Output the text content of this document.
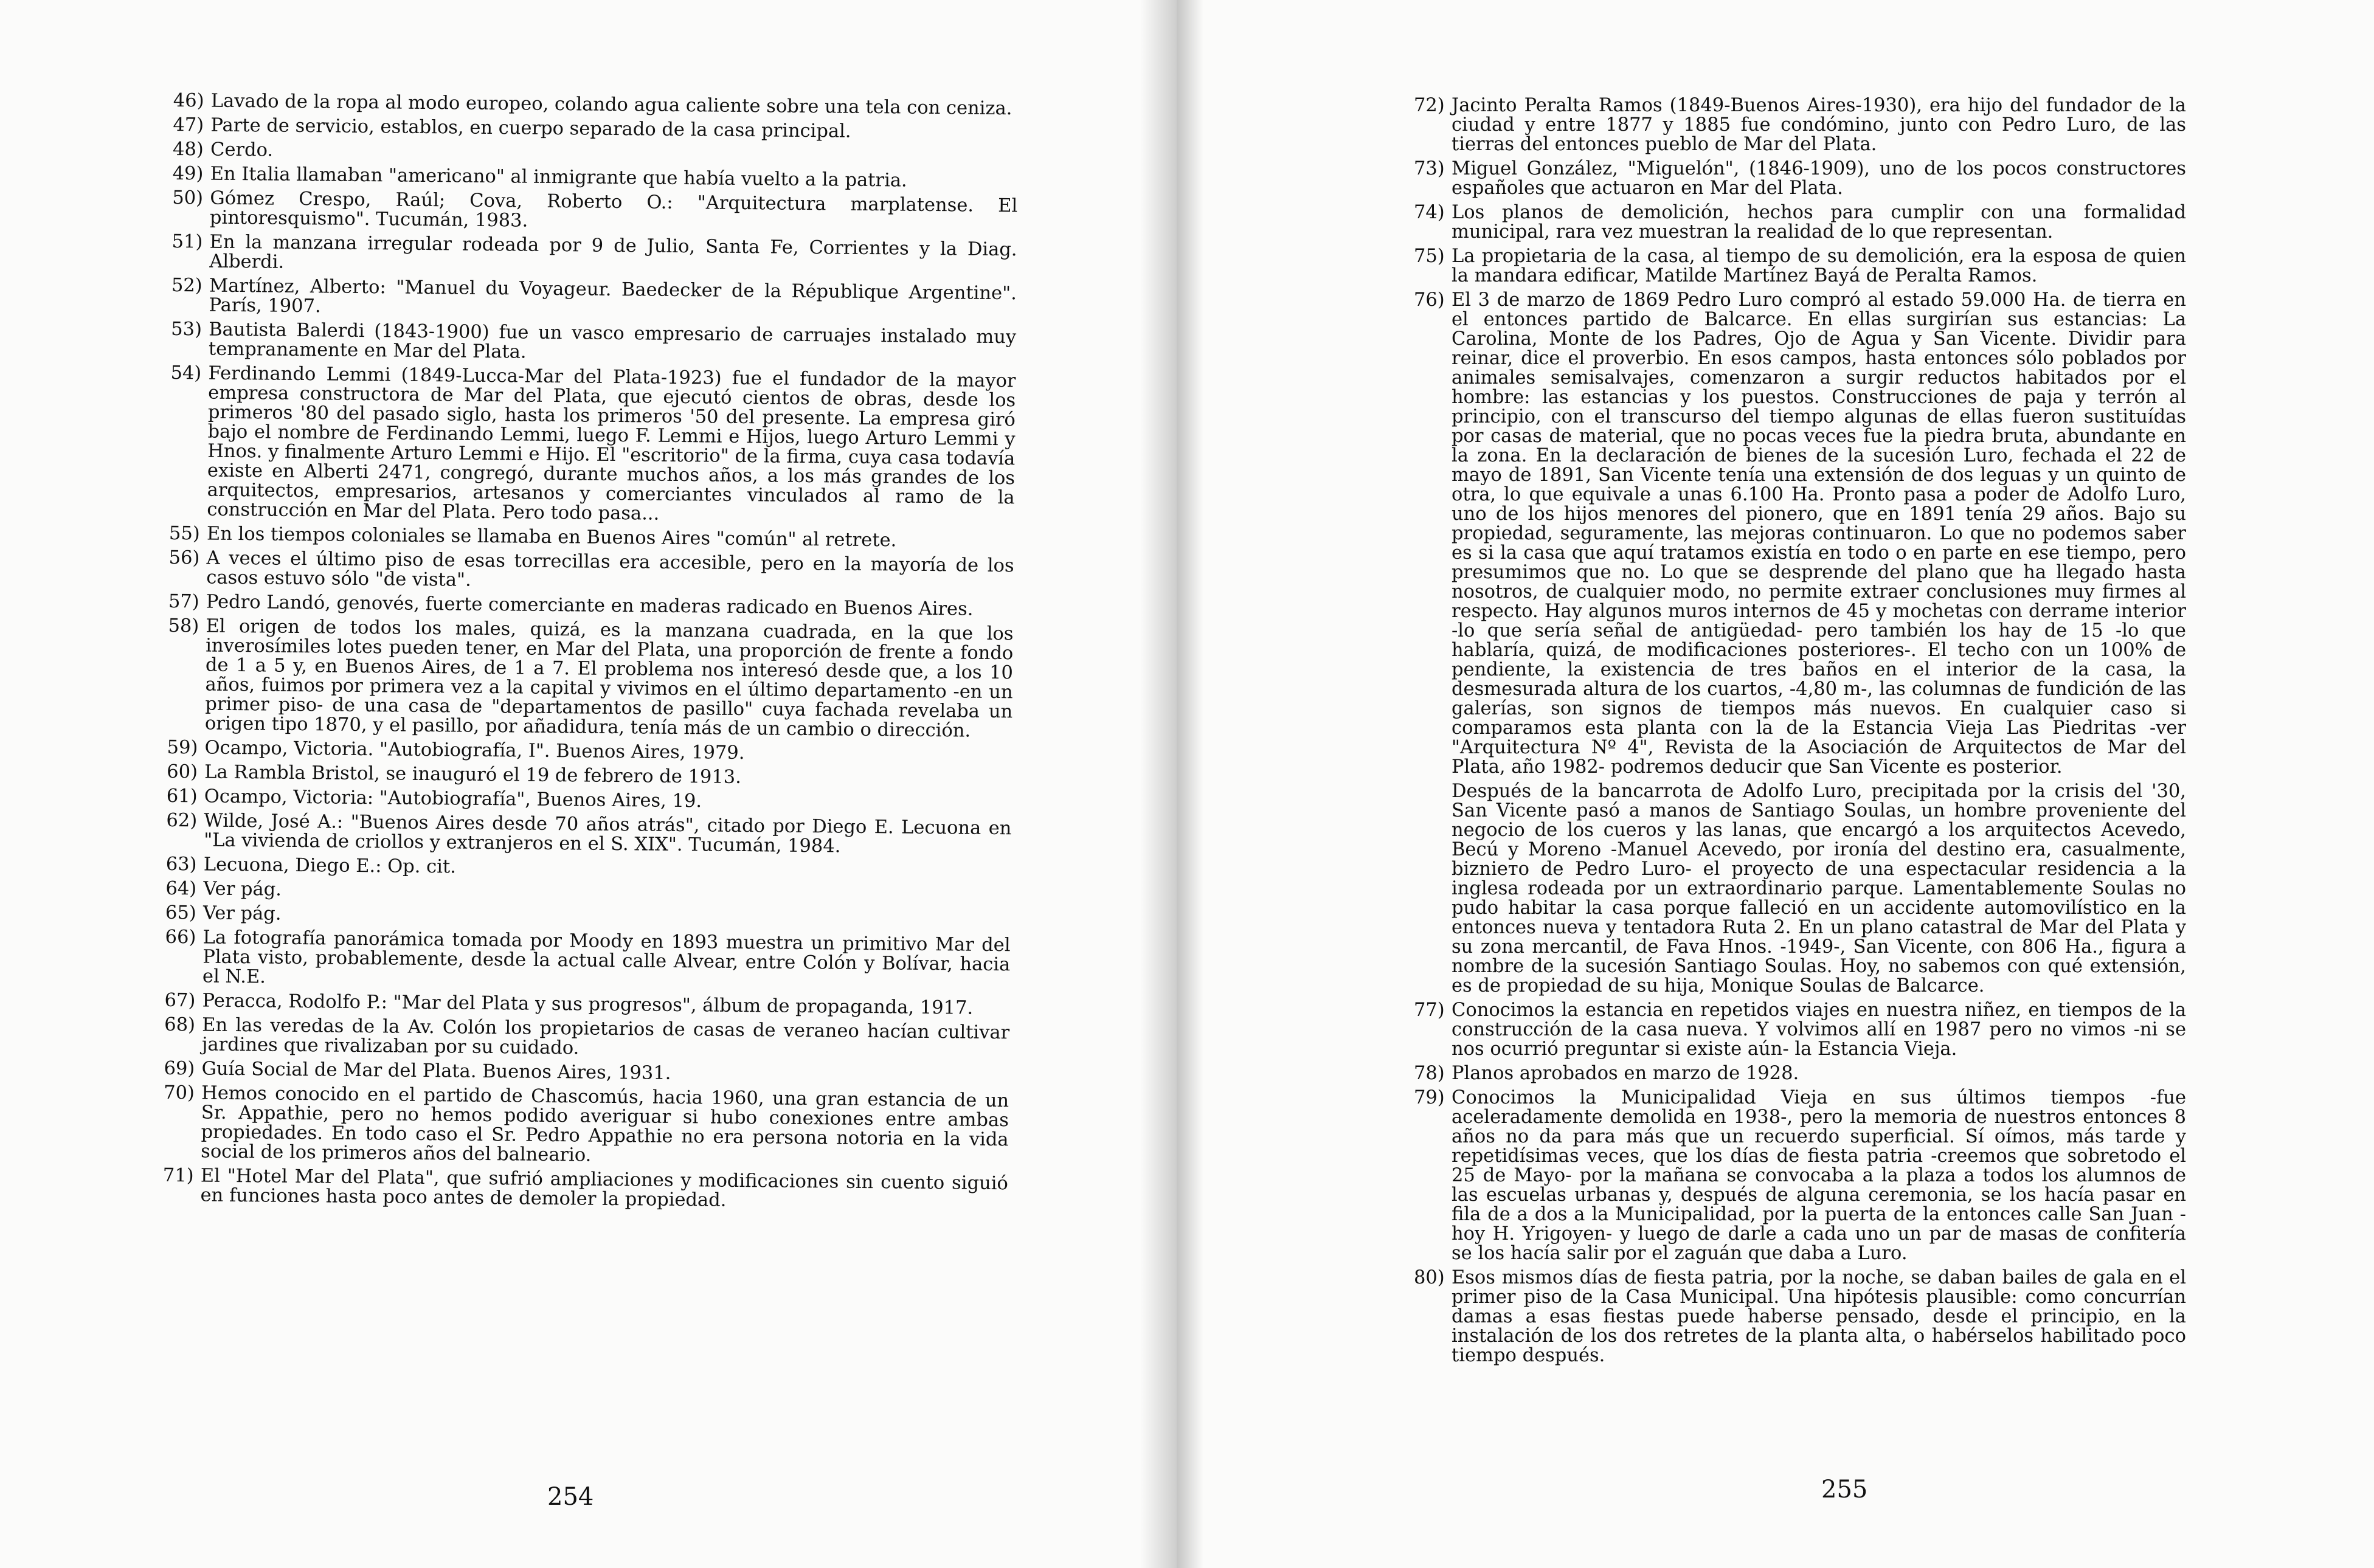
46) Lavado de la ropa al modo europeo, colando agua caliente sobre una tela con ceniza.
47) Parte de servicio, establos, en cuerpo separado de la casa principal.
48) Cerdo.
49) En Italia llamaban "americano" al inmigrante que había vuelto a la patria.
50) Gómez Crespo, Raúl; Cova, Roberto O.: "Arquitectura marplatense. El pintoresquismo". Tucumán, 1983.
51) En la manzana irregular rodeada por 9 de Julio, Santa Fe, Corrientes y la Diag. Alberdi.
52) Martínez, Alberto: "Manuel du Voyageur. Baedecker de la République Argentine". París, 1907.
53) Bautista Balerdi (1843-1900) fue un vasco empresario de carruajes instalado muy tempranamente en Mar del Plata.
54) Ferdinando Lemmi (1849-Lucca-Mar del Plata-1923) fue el fundador de la mayor empresa constructora de Mar del Plata, que ejecutó cientos de obras, desde los primeros '80 del pasado siglo, hasta los primeros '50 del presente. La empresa giró bajo el nombre de Ferdinando Lemmi, luego F. Lemmi e Hijos, luego Arturo Lemmi y Hnos. y finalmente Arturo Lemmi e Hijo. El "escritorio" de la firma, cuya casa todavía existe en Alberti 2471, congregó, durante muchos años, a los más grandes de los arquitectos, empresarios, artesanos y comerciantes vinculados al ramo de la construcción en Mar del Plata. Pero todo pasa...
55) En los tiempos coloniales se llamaba en Buenos Aires "común" al retrete.
56) A veces el último piso de esas torrecillas era accesible, pero en la mayoría de los casos estuvo sólo "de vista".
57) Pedro Landó, genovés, fuerte comerciante en maderas radicado en Buenos Aires.
58) El origen de todos los males, quizá, es la manzana cuadrada, en la que los inverosímiles lotes pueden tener, en Mar del Plata, una proporción de frente a fondo de 1 a 5 y, en Buenos Aires, de 1 a 7. El problema nos interesó desde que, a los 10 años, fuimos por primera vez a la capital y vivimos en el último departamento -en un primer piso- de una casa de "departamentos de pasillo" cuya fachada revelaba un origen tipo 1870, y el pasillo, por añadidura, tenía más de un cambio o dirección.
59) Ocampo, Victoria. "Autobiografía, I". Buenos Aires, 1979.
60) La Rambla Bristol, se inauguró el 19 de febrero de 1913.
61) Ocampo, Victoria: "Autobiografía", Buenos Aires, 19.
62) Wilde, José A.: "Buenos Aires desde 70 años atrás", citado por Diego E. Lecuona en "La vivienda de criollos y extranjeros en el S. XIX". Tucumán, 1984.
63) Lecuona, Diego E.: Op. cit.
64) Ver pág.
65) Ver pág.
66) La fotografía panorámica tomada por Moody en 1893 muestra un primitivo Mar del Plata visto, probablemente, desde la actual calle Alvear, entre Colón y Bolívar, hacia el N.E.
67) Peracca, Rodolfo P.: "Mar del Plata y sus progresos", álbum de propaganda, 1917.
68) En las veredas de la Av. Colón los propietarios de casas de veraneo hacían cultivar jardines que rivalizaban por su cuidado.
69) Guía Social de Mar del Plata. Buenos Aires, 1931.
70) Hemos conocido en el partido de Chascomús, hacia 1960, una gran estancia de un Sr. Appathie, pero no hemos podido averiguar si hubo conexiones entre ambas propiedades. En todo caso el Sr. Pedro Appathie no era persona notoria en la vida social de los primeros años del balneario.
71) El "Hotel Mar del Plata", que sufrió ampliaciones y modificaciones sin cuento siguió en funciones hasta poco antes de demoler la propiedad.
254
72) Jacinto Peralta Ramos (1849-Buenos Aires-1930), era hijo del fundador de la ciudad y entre 1877 y 1885 fue condómino, junto con Pedro Luro, de las tierras del entonces pueblo de Mar del Plata.
73) Miguel González, "Miguelón", (1846-1909), uno de los pocos constructores españoles que actuaron en Mar del Plata.
74) Los planos de demolición, hechos para cumplir con una formalidad municipal, rara vez muestran la realidad de lo que representan.
75) La propietaria de la casa, al tiempo de su demolición, era la esposa de quien la mandara edificar, Matilde Martínez Bayá de Peralta Ramos.
76) El 3 de marzo de 1869 Pedro Luro compró al estado 59.000 Ha. de tierra en el entonces partido de Balcarce. En ellas surgirían sus estancias: La Carolina, Monte de los Padres, Ojo de Agua y San Vicente. Dividir para reinar, dice el proverbio. En esos campos, hasta entonces sólo poblados por animales semisalvajes, comenzaron a surgir reductos habitados por el hombre: las estancias y los puestos. Construcciones de paja y terrón al principio, con el transcurso del tiempo algunas de ellas fueron sustituídas por casas de material, que no pocas veces fue la piedra bruta, abundante en la zona. En la declaración de bienes de la sucesión Luro, fechada el 22 de mayo de 1891, San Vicente tenía una extensión de dos leguas y un quinto de otra, lo que equivale a unas 6.100 Ha. Pronto pasa a poder de Adolfo Luro, uno de los hijos menores del pionero, que en 1891 tenía 29 años. Bajo su propiedad, seguramente, las mejoras continuaron. Lo que no podemos saber es si la casa que aquí tratamos existía en todo o en parte en ese tiempo, pero presumimos que no. Lo que se desprende del plano que ha llegado hasta nosotros, de cualquier modo, no permite extraer conclusiones muy firmes al respecto. Hay algunos muros internos de 45 y mochetas con derrame interior -lo que sería señal de antigüedad- pero también los hay de 15 -lo que hablaría, quizá, de modificaciones posteriores-. El techo con un 100% de pendiente, la existencia de tres baños en el interior de la casa, la desmesurada altura de los cuartos, -4,80 m-, las columnas de fundición de las galerías, son signos de tiempos más nuevos. En cualquier caso si comparamos esta planta con la de la Estancia Vieja Las Piedritas -ver "Arquitectura Nº 4", Revista de la Asociación de Arquitectos de Mar del Plata, año 1982- podremos deducir que San Vicente es posterior.
Después de la bancarrota de Adolfo Luro, precipitada por la crisis del '30, San Vicente pasó a manos de Santiago Soulas, un hombre proveniente del negocio de los cueros y las lanas, que encargó a los arquitectos Acevedo, Becú y Moreno -Manuel Acevedo, por ironía del destino era, casualmente, bizniето de Pedro Luro- el proyecto de una espectacular residencia a la inglesa rodeada por un extraordinario parque. Lamentablemente Soulas no pudo habitar la casa porque falleció en un accidente automovilístico en la entonces nueva y tentadora Ruta 2. En un plano catastral de Mar del Plata y su zona mercantil, de Fava Hnos. -1949-, San Vicente, con 806 Ha., figura a nombre de la sucesión Santiago Soulas. Hoy, no sabemos con qué extensión, es de propiedad de su hija, Monique Soulas de Balcarce.
77) Conocimos la estancia en repetidos viajes en nuestra niñez, en tiempos de la construcción de la casa nueva. Y volvimos allí en 1987 pero no vimos -ni se nos ocurrió preguntar si existe aún- la Estancia Vieja.
78) Planos aprobados en marzo de 1928.
79) Conocimos la Municipalidad Vieja en sus últimos tiempos -fue aceleradamente demolida en 1938-, pero la memoria de nuestros entonces 8 años no da para más que un recuerdo superficial. Sí oímos, más tarde y repetidísimas veces, que los días de fiesta patria -creemos que sobretodo el 25 de Mayo- por la mañana se convocaba a la plaza a todos los alumnos de las escuelas urbanas y, después de alguna ceremonia, se los hacía pasar en fila de a dos a la Municipalidad, por la puerta de la entonces calle San Juan -hoy H. Yrigoyen- y luego de darle a cada uno un par de masas de confitería se los hacía salir por el zaguán que daba a Luro.
80) Esos mismos días de fiesta patria, por la noche, se daban bailes de gala en el primer piso de la Casa Municipal. Una hipótesis plausible: como concurrían damas a esas fiestas puede haberse pensado, desde el principio, en la instalación de los dos retretes de la planta alta, o habérselos habilitado poco tiempo después.
255
